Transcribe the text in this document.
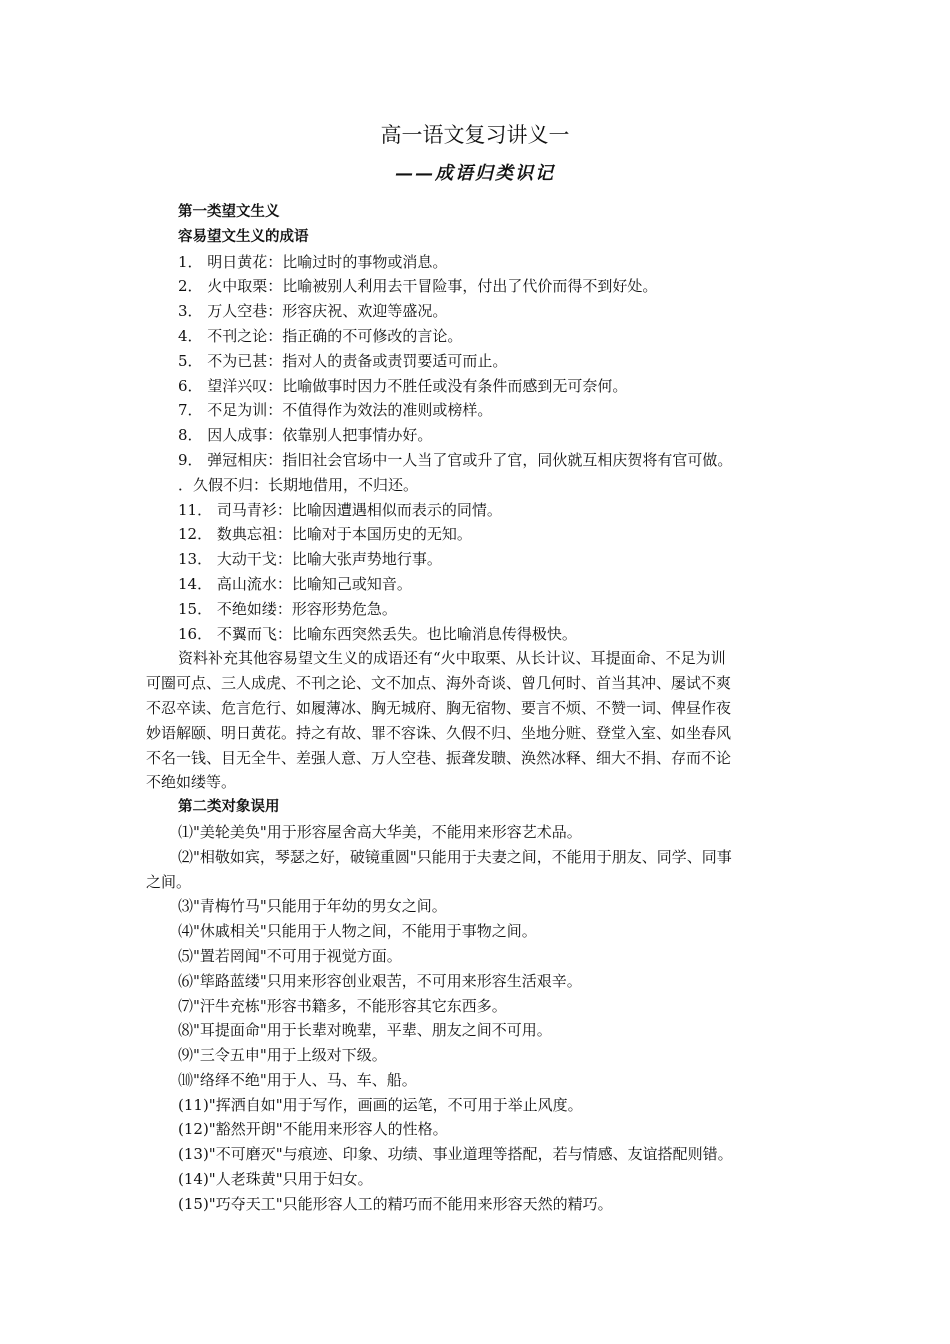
高一语文复习讲义一
——成语归类识记
第一类望文生义
容易望文生义的成语
1． 明日黄花：比喻过时的事物或消息。
2． 火中取栗：比喻被别人利用去干冒险事，付出了代价而得不到好处。
3． 万人空巷：形容庆祝、欢迎等盛况。
4． 不刊之论：指正确的不可修改的言论。
5． 不为已甚：指对人的责备或责罚要适可而止。
6． 望洋兴叹：比喻做事时因力不胜任或没有条件而感到无可奈何。
7． 不足为训：不值得作为效法的准则或榜样。
8． 因人成事：依靠别人把事情办好。
9． 弹冠相庆：指旧社会官场中一人当了官或升了官，同伙就互相庆贺将有官可做。
．久假不归：长期地借用，不归还。
11． 司马青衫：比喻因遭遇相似而表示的同情。
12． 数典忘祖：比喻对于本国历史的无知。
13． 大动干戈：比喻大张声势地行事。
14． 高山流水：比喻知己或知音。
15． 不绝如缕：形容形势危急。
16． 不翼而飞：比喻东西突然丢失。也比喻消息传得极快。
资料补充其他容易望文生义的成语还有“火中取栗、从长计议、耳提面命、不足为训
可圈可点、三人成虎、不刊之论、文不加点、海外奇谈、曾几何时、首当其冲、屡试不爽
不忍卒读、危言危行、如履薄冰、胸无城府、胸无宿物、要言不烦、不赞一词、俾昼作夜
妙语解颐、明日黄花。持之有故、罪不容诛、久假不归、坐地分赃、登堂入室、如坐春风
不名一钱、目无全牛、差强人意、万人空巷、振聋发聩、涣然冰释、细大不捐、存而不论
不绝如缕等。
第二类对象误用
⑴"美轮美奂"用于形容屋舍高大华美，不能用来形容艺术品。
⑵"相敬如宾，琴瑟之好，破镜重圆"只能用于夫妻之间，不能用于朋友、同学、同事
之间。
⑶"青梅竹马"只能用于年幼的男女之间。
⑷"休戚相关"只能用于人物之间，不能用于事物之间。
⑸"置若罔闻"不可用于视觉方面。
⑹"筚路蓝缕"只用来形容创业艰苦，不可用来形容生活艰辛。
⑺"汗牛充栋"形容书籍多，不能形容其它东西多。
⑻"耳提面命"用于长辈对晚辈，平辈、朋友之间不可用。
⑼"三令五申"用于上级对下级。
⑽"络绎不绝"用于人、马、车、船。
(11)"挥洒自如"用于写作，画画的运笔，不可用于举止风度。
(12)"豁然开朗"不能用来形容人的性格。
(13)"不可磨灭"与痕迹、印象、功绩、事业道理等搭配，若与情感、友谊搭配则错。
(14)"人老珠黄"只用于妇女。
(15)"巧夺天工"只能形容人工的精巧而不能用来形容天然的精巧。
